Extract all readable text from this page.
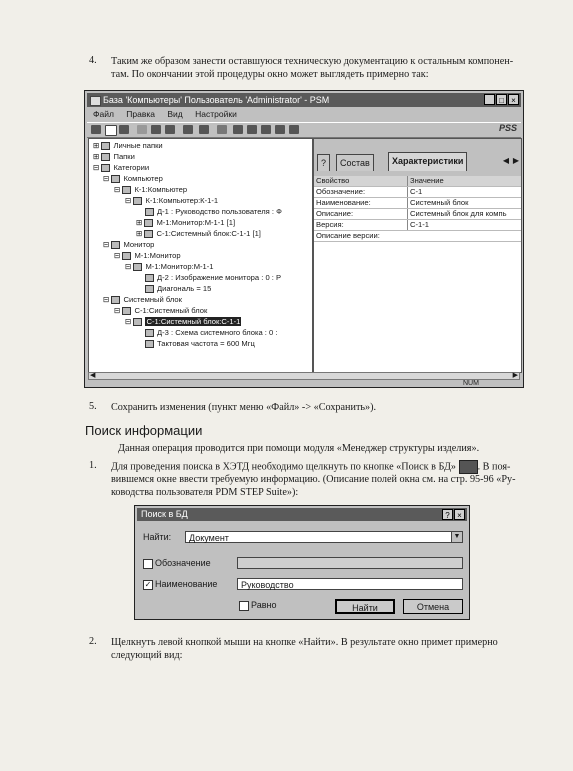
4. Таким же образом занести оставшуюся техническую документацию к остальным компонен-
там. По окончании этой процедуры окно может выглядеть примерно так:
База 'Компьютеры' Пользователь 'Administrator' - PSM	_ □ ×
Файл Правка Вид Настройки
PSS
⊞ Личные папки
⊞ Папки
⊟ Категории
⊟ Компьютер
⊟ К-1:Компьютер
⊟ К-1:Компьютер:К-1-1
Д-1 : Руководство пользователя : Ф
⊞ М-1:Монитор:М-1-1 [1]
⊞ С-1:Системный блок:С-1-1 [1]
⊟ Монитор
⊟ М-1:Монитор
⊟ М-1:Монитор:М-1-1
Д-2 : Изображение монитора : 0 : Р
Диагональ = 15
⊟ Системный блок
⊟ С-1:Системный блок
⊟ С-1:Системный блок:С-1-1
Д-3 : Схема системного блока : 0 :
Тактовая частота = 600 Мгц
?	Состав	Характеристики	◀ ▶
Свойство	Значение
Обозначение:	С-1
Наименование:	Системный блок
Описание:	Системный блок для компь
Версия:	С-1-1
Описание версии:
◀	▶
NUM
5. Сохранить изменения (пункт меню «Файл» -> «Сохранить»).
Поиск информации
Данная операция проводится при помощи модуля «Менеджер структуры изделия».
1. Для проведения поиска в ХЭТД необходимо щелкнуть по кнопке «Поиск в БД» . В поя-
вившемся окне ввести требуемую информацию. (Описание полей окна см. на стр. 95-96 «Ру-
ководства пользователя PDM STEP Suite»):
Поиск в БД	? ×
Найти:	Документ	▼
Обозначение
✓ Наименование	Руководство
Равно	Найти	Отмена
2. Щелкнуть левой кнопкой мыши на кнопке «Найти». В результате окно примет примерно
следующий вид:
